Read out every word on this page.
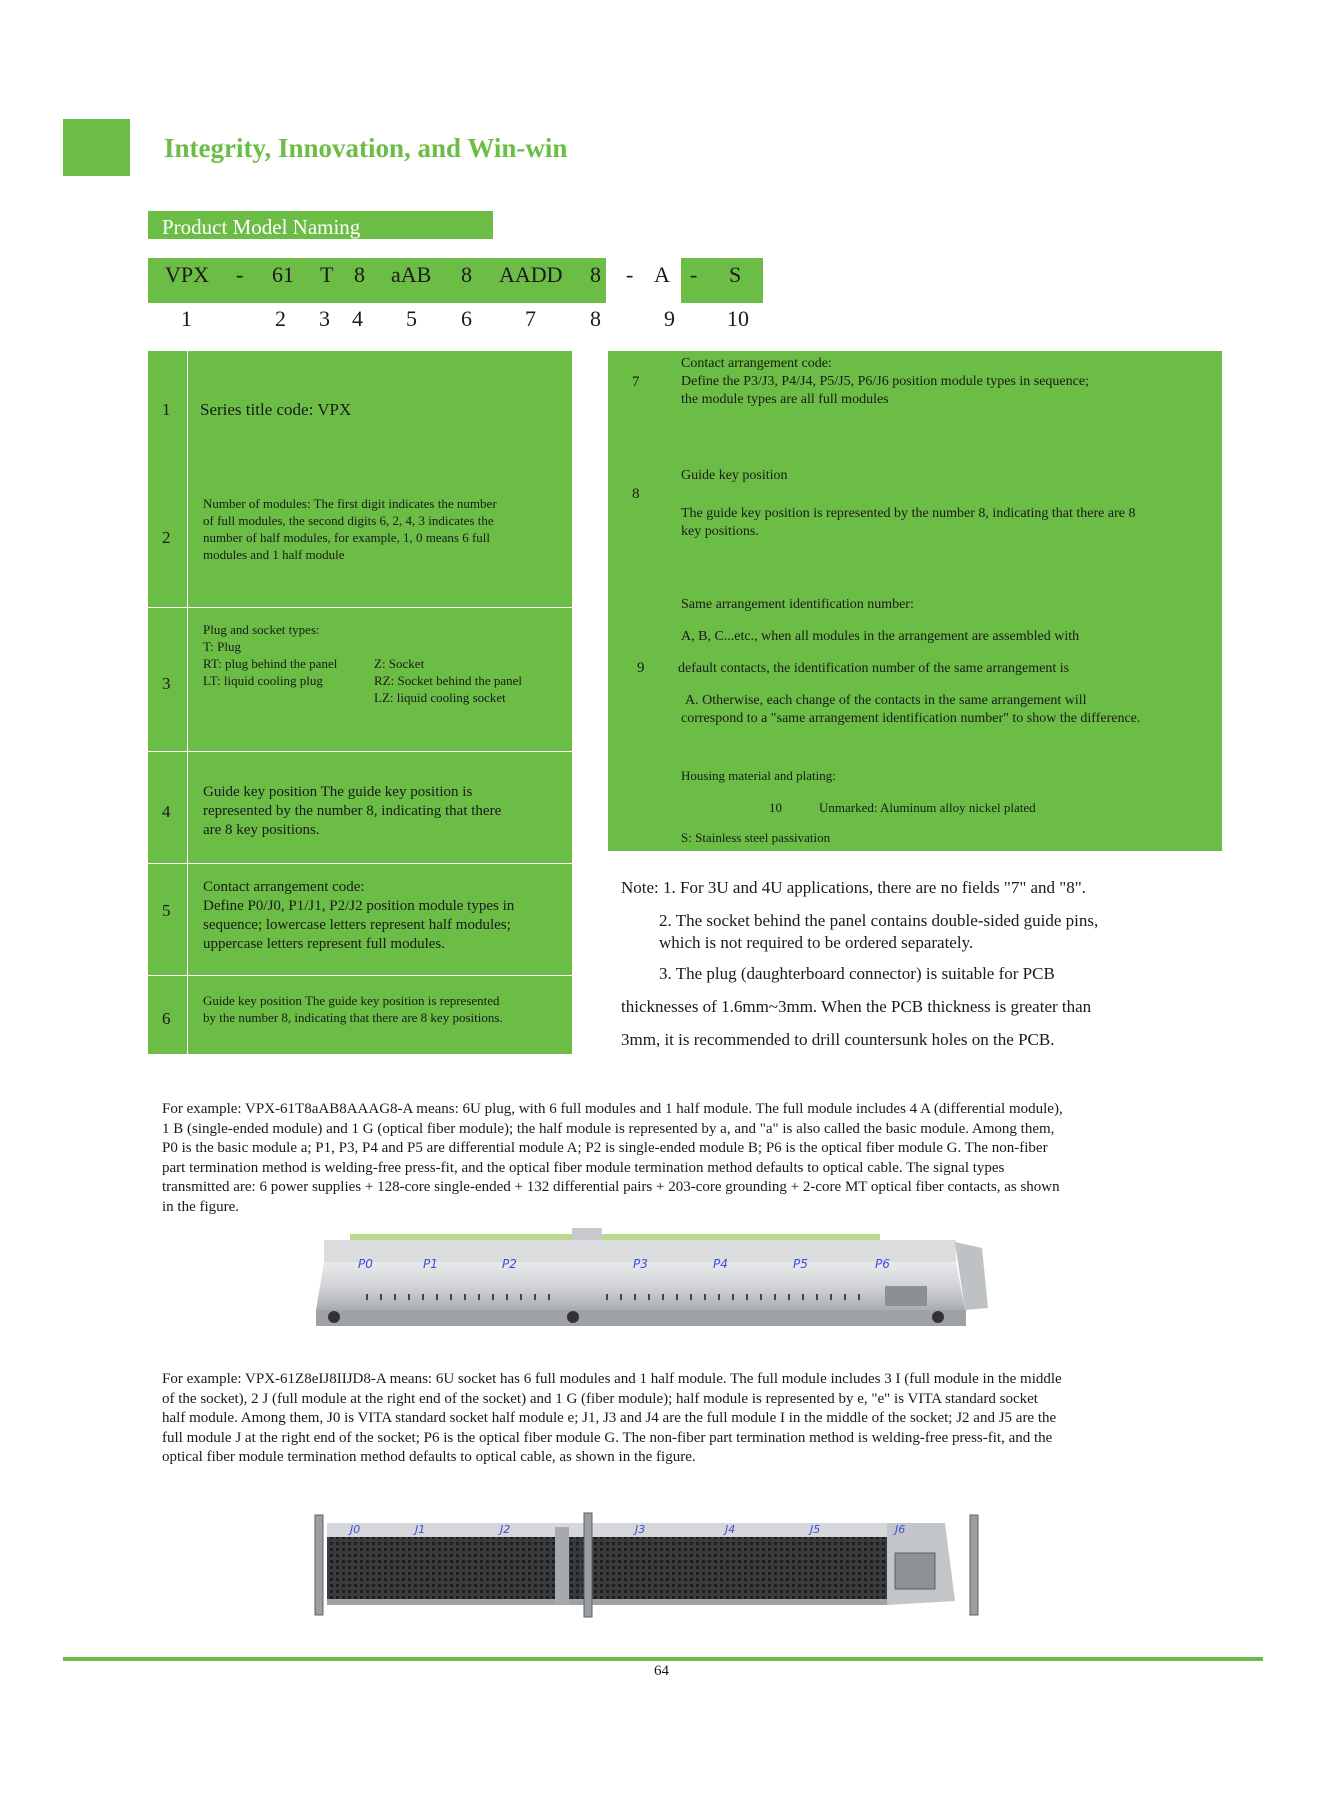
Integrity, Innovation, and Win-win
Product Model Naming
VPX - 61 T 8 aAB 8 AADD 8 - A - S
1	2 3 4 5 6 7 8	9 10
1 Series title code: VPX
2
Number of modules: The first digit indicates the number
of full modules, the second digits 6, 2, 4, 3 indicates the
number of half modules, for example, 1, 0 means 6 full
modules and 1 half module
3
Plug and socket types:
T: Plug
RT: plug behind the panel
LT: liquid cooling plug
Z: Socket
RZ: Socket behind the panel
LZ: liquid cooling socket
4
Guide key position The guide key position is
represented by the number 8, indicating that there
are 8 key positions.
5
Contact arrangement code:
Define P0/J0, P1/J1, P2/J2 position module types in
sequence; lowercase letters represent half modules;
uppercase letters represent full modules.
6
Guide key position The guide key position is represented
by the number 8, indicating that there are 8 key positions.
7
Contact arrangement code:
Define the P3/J3, P4/J4, P5/J5, P6/J6 position module types in sequence;
the module types are all full modules
8
Guide key position
The guide key position is represented by the number 8, indicating that there are 8
key positions.
9
Same arrangement identification number:
A, B, C...etc., when all modules in the arrangement are assembled with
default contacts, the identification number of the same arrangement is
A. Otherwise, each change of the contacts in the same arrangement will
correspond to a "same arrangement identification number" to show the difference.
Housing material and plating:
10	Unmarked: Aluminum alloy nickel plated
S: Stainless steel passivation
Note: 1. For 3U and 4U applications, there are no fields "7" and "8".
2. The socket behind the panel contains double-sided guide pins,
which is not required to be ordered separately.
3. The plug (daughterboard connector) is suitable for PCB
thicknesses of 1.6mm~3mm. When the PCB thickness is greater than
3mm, it is recommended to drill countersunk holes on the PCB.
For example: VPX-61T8aAB8AAAG8-A means: 6U plug, with 6 full modules and 1 half module. The full module includes 4 A (differential module),
1 B (single-ended module) and 1 G (optical fiber module); the half module is represented by a, and "a" is also called the basic module. Among them,
P0 is the basic module a; P1, P3, P4 and P5 are differential module A; P2 is single-ended module B; P6 is the optical fiber module G. The non-fiber
part termination method is welding-free press-fit, and the optical fiber module termination method defaults to optical cable. The signal types
transmitted are: 6 power supplies + 128-core single-ended + 132 differential pairs + 203-core grounding + 2-core MT optical fiber contacts, as shown
in the figure.
P0	P1	P2	P3	P4	P5	P6
For example: VPX-61Z8eIJ8IIJD8-A means: 6U socket has 6 full modules and 1 half module. The full module includes 3 I (full module in the middle
of the socket), 2 J (full module at the right end of the socket) and 1 G (fiber module); half module is represented by e, "e" is VITA standard socket
half module. Among them, J0 is VITA standard socket half module e; J1, J3 and J4 are the full module I in the middle of the socket; J2 and J5 are the
full module J at the right end of the socket; P6 is the optical fiber module G. The non-fiber part termination method is welding-free press-fit, and the
optical fiber module termination method defaults to optical cable, as shown in the figure.
J0	J1	J2	J3	J4	J5	J6
64
